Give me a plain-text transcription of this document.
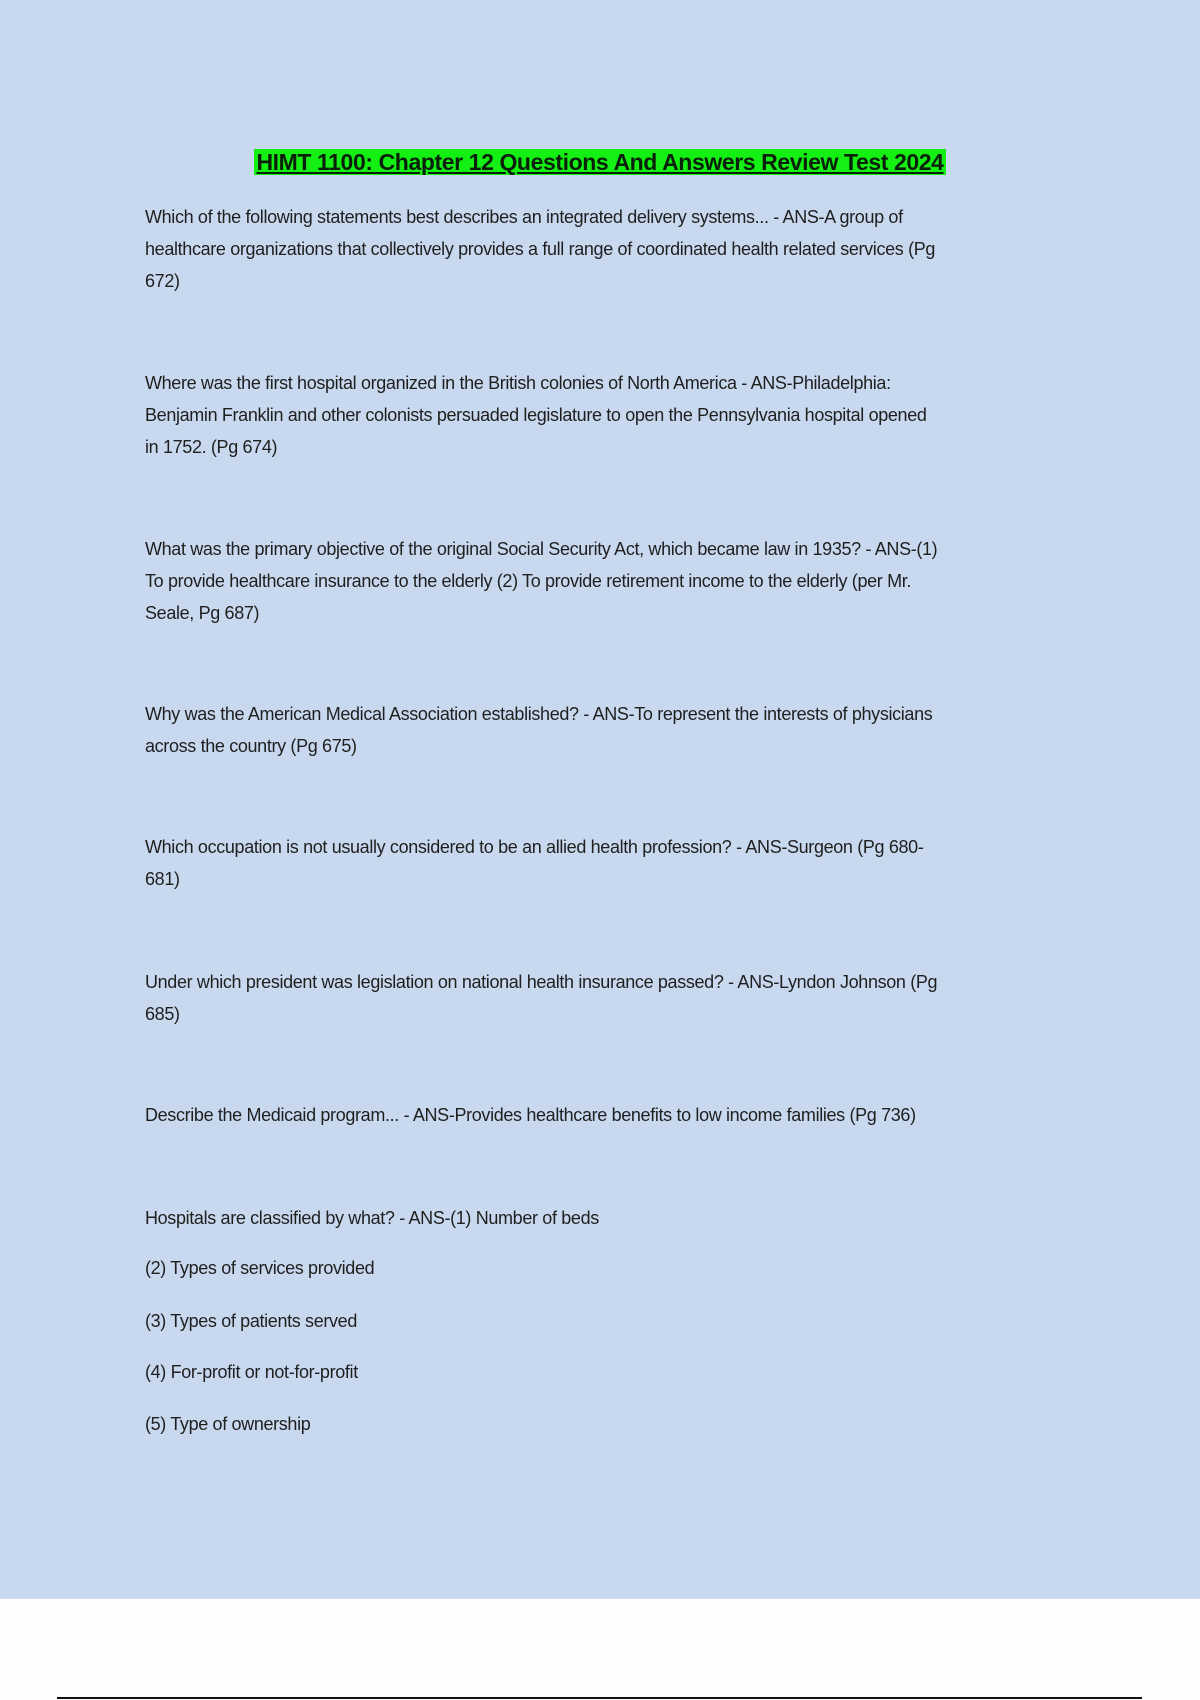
HIMT 1100: Chapter 12 Questions And Answers Review Test 2024
Which of the following statements best describes an integrated delivery systems... - ANS-A group of
healthcare organizations that collectively provides a full range of coordinated health related services (Pg
672)
Where was the first hospital organized in the British colonies of North America - ANS-Philadelphia:
Benjamin Franklin and other colonists persuaded legislature to open the Pennsylvania hospital opened
in 1752. (Pg 674)
What was the primary objective of the original Social Security Act, which became law in 1935? - ANS-(1)
To provide healthcare insurance to the elderly (2) To provide retirement income to the elderly (per Mr.
Seale, Pg 687)
Why was the American Medical Association established? - ANS-To represent the interests of physicians
across the country (Pg 675)
Which occupation is not usually considered to be an allied health profession? - ANS-Surgeon (Pg 680-
681)
Under which president was legislation on national health insurance passed? - ANS-Lyndon Johnson (Pg
685)
Describe the Medicaid program... - ANS-Provides healthcare benefits to low income families (Pg 736)
Hospitals are classified by what? - ANS-(1) Number of beds
(2) Types of services provided
(3) Types of patients served
(4) For-profit or not-for-profit
(5) Type of ownership
